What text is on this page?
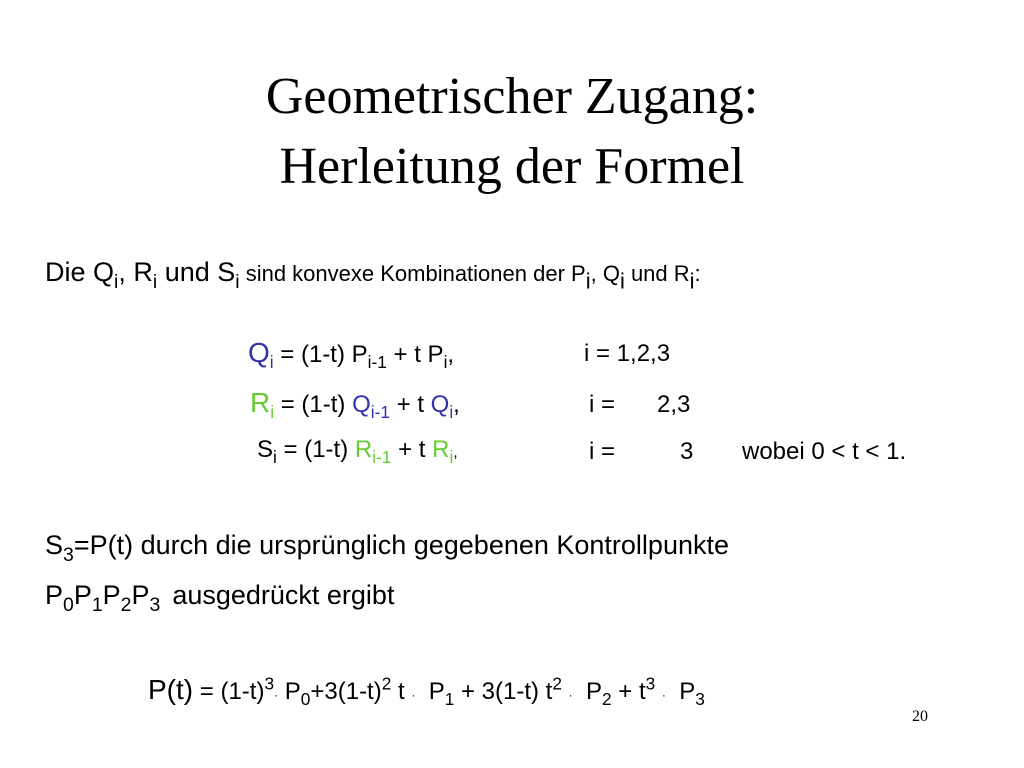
Geometrischer Zugang:
Herleitung der Formel
Die $Q_i$, $R_i$ und $S_i$ sind konvexe Kombinationen der $P_i$, $Q_i$ und $R_i$:
$Q_i = (1-t) P_{i-1} + t$ $P_i$,	i = 1,2,3
$R_i = (1-t) Q_{i-1} + t$ $Q_i$,	i = 2,3
$S_i = (1-t) R_{i-1} + t$ $R_i$,	i =	3 wobei 0 < t < 1.
$S_3=P(t)$ durch die ursprünglich gegebenen Kontrollpunkte
$P_0P_1P_2P_3$ ausgedrückt ergibt
$P(t) = (1-t)^3\cdot P_0+3(1-t)^2$ $t \cdot P_1 + 3(1-t) t^2 \cdot P_2 + t^3 \cdot P_3$
20
